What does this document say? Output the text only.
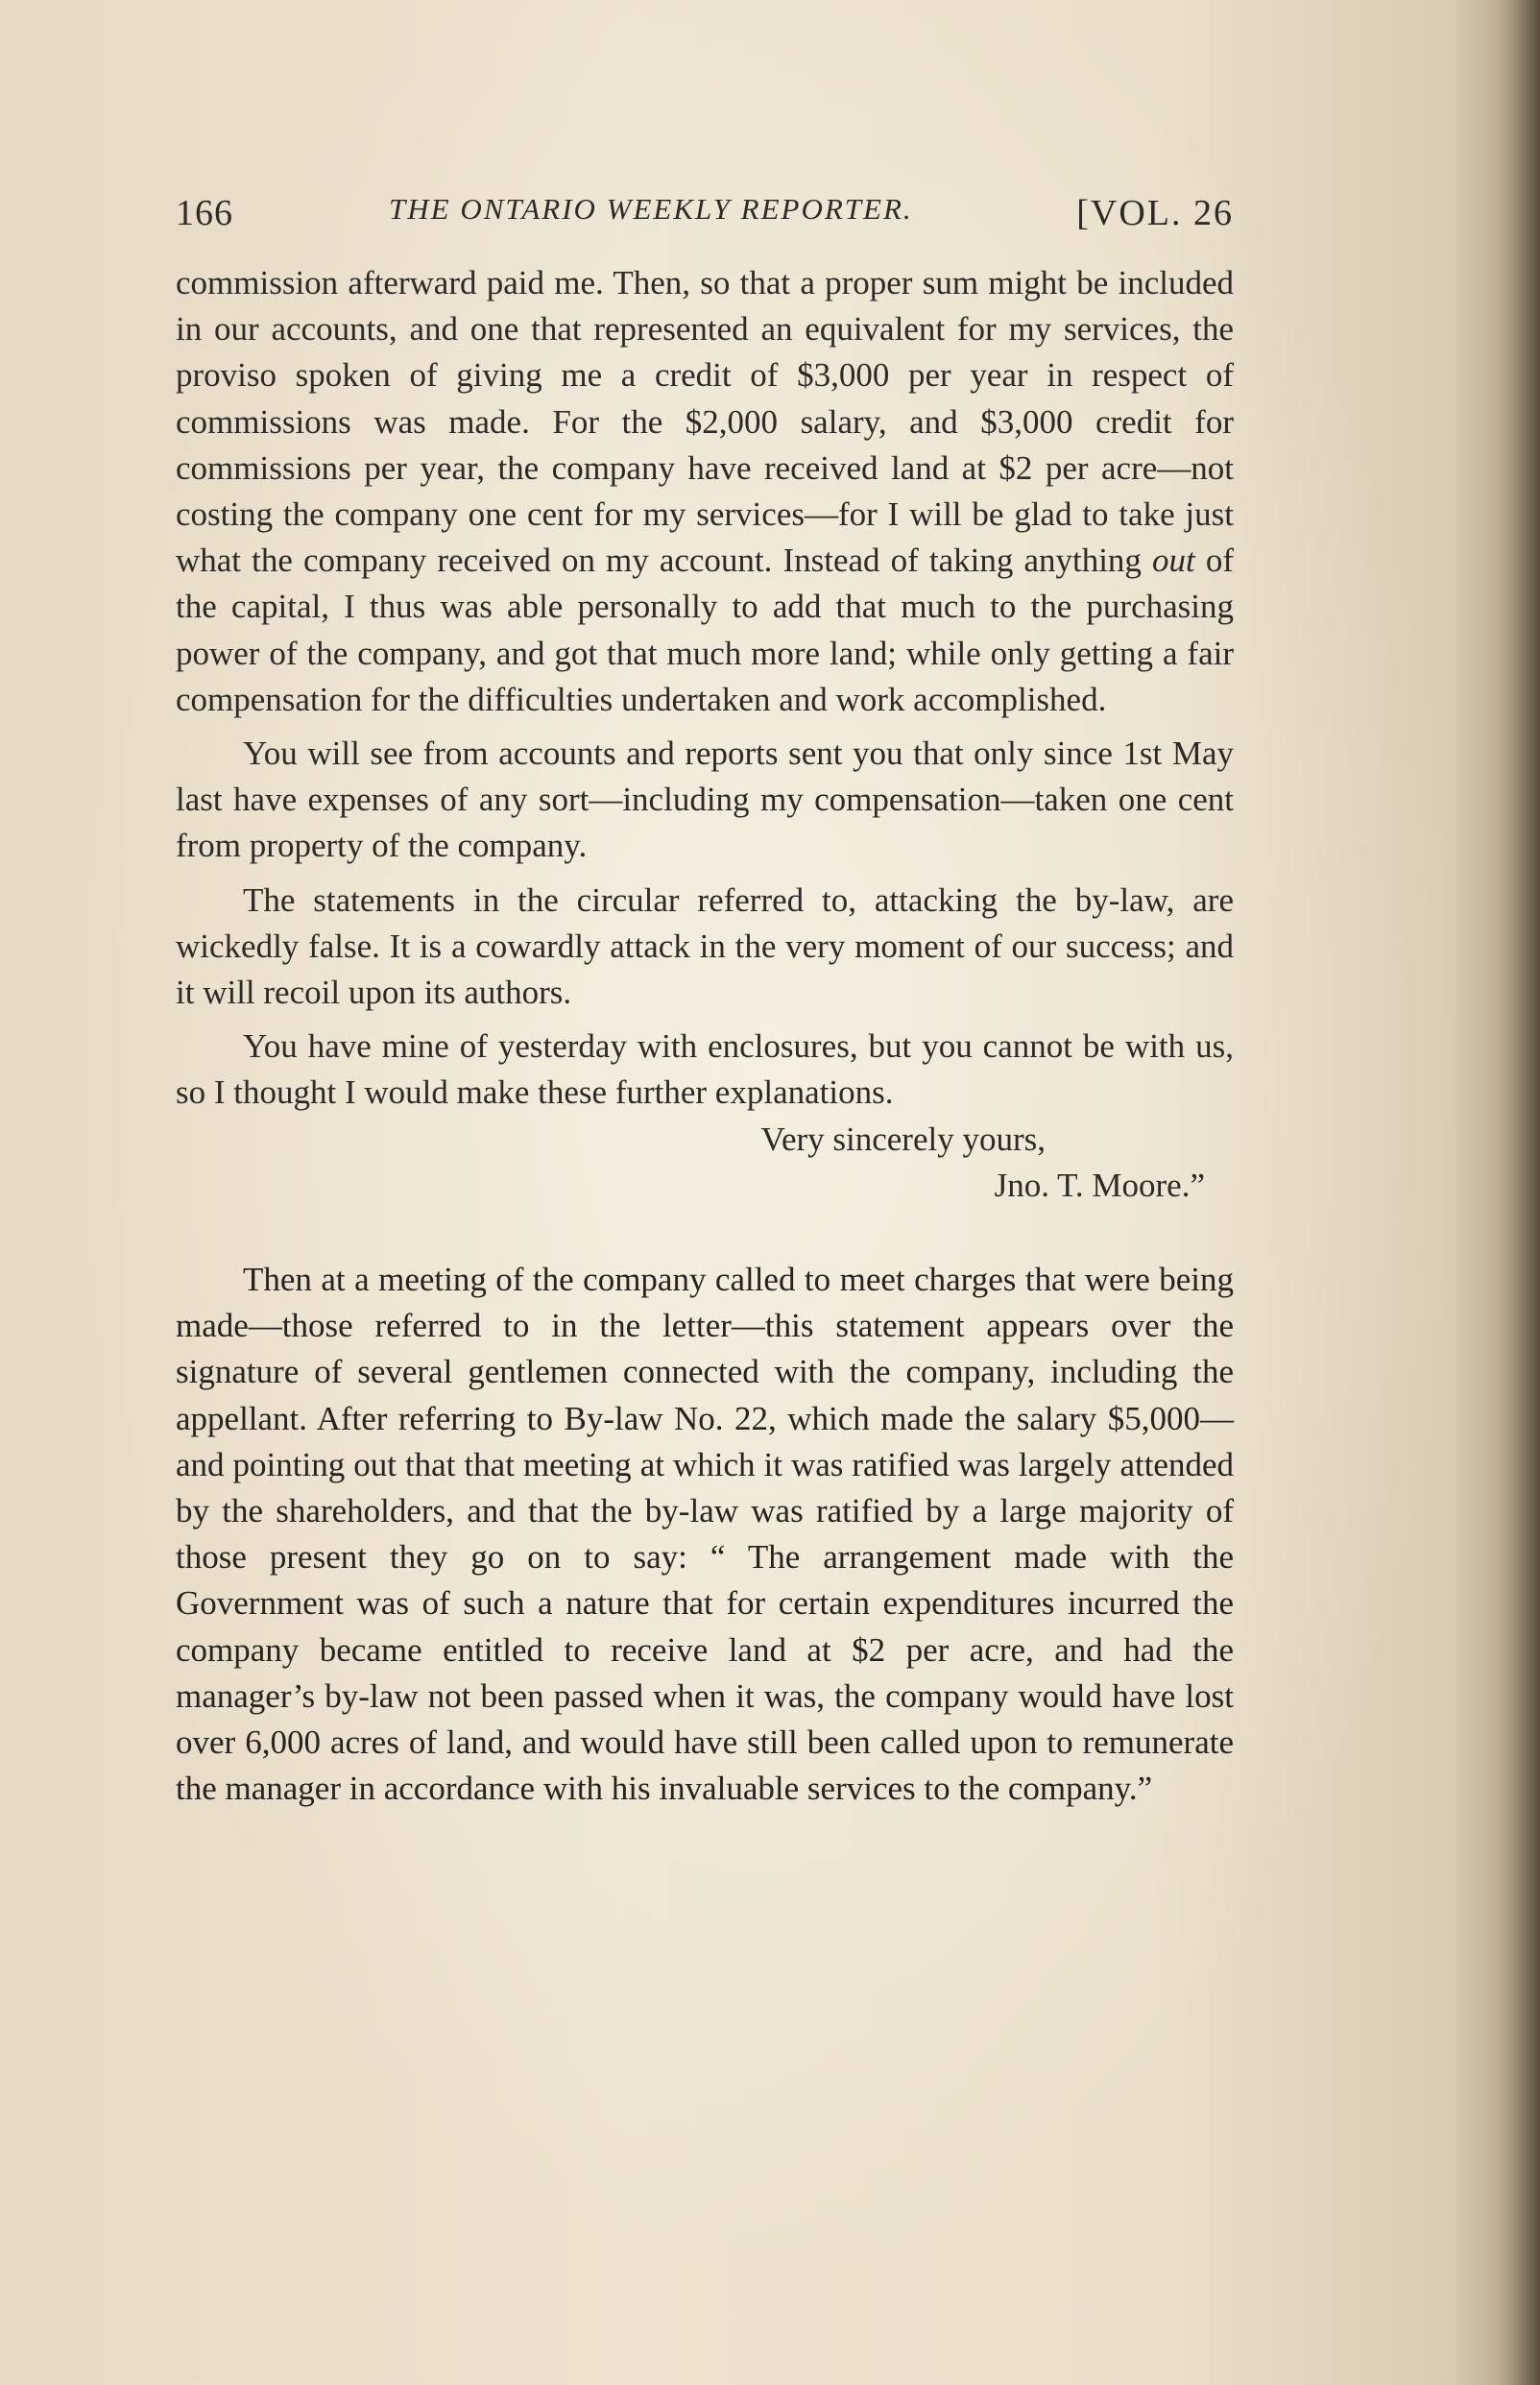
166	THE ONTARIO WEEKLY REPORTER.	[VOL. 26

commission afterward paid me. Then, so that a proper sum might be included in our accounts, and one that represented an equivalent for my services, the proviso spoken of giving me a credit of $3,000 per year in respect of commissions was made. For the $2,000 salary, and $3,000 credit for commissions per year, the company have received land at $2 per acre—not costing the company one cent for my services—for I will be glad to take just what the company received on my account. Instead of taking anything out of the capital, I thus was able personally to add that much to the purchasing power of the company, and got that much more land; while only getting a fair compensation for the difficulties undertaken and work accomplished.

You will see from accounts and reports sent you that only since 1st May last have expenses of any sort—including my compensation—taken one cent from property of the company.

The statements in the circular referred to, attacking the by-law, are wickedly false. It is a cowardly attack in the very moment of our success; and it will recoil upon its authors.

You have mine of yesterday with enclosures, but you cannot be with us, so I thought I would make these further explanations.

Very sincerely yours,

Jno. T. Moore.”

Then at a meeting of the company called to meet charges that were being made—those referred to in the letter—this statement appears over the signature of several gentlemen connected with the company, including the appellant. After referring to By-law No. 22, which made the salary $5,000—and pointing out that that meeting at which it was ratified was largely attended by the shareholders, and that the by-law was ratified by a large majority of those present they go on to say: “ The arrangement made with the Government was of such a nature that for certain expenditures incurred the company became entitled to receive land at $2 per acre, and had the manager’s by-law not been passed when it was, the company would have lost over 6,000 acres of land, and would have still been called upon to remunerate the manager in accordance with his invaluable services to the company.”
